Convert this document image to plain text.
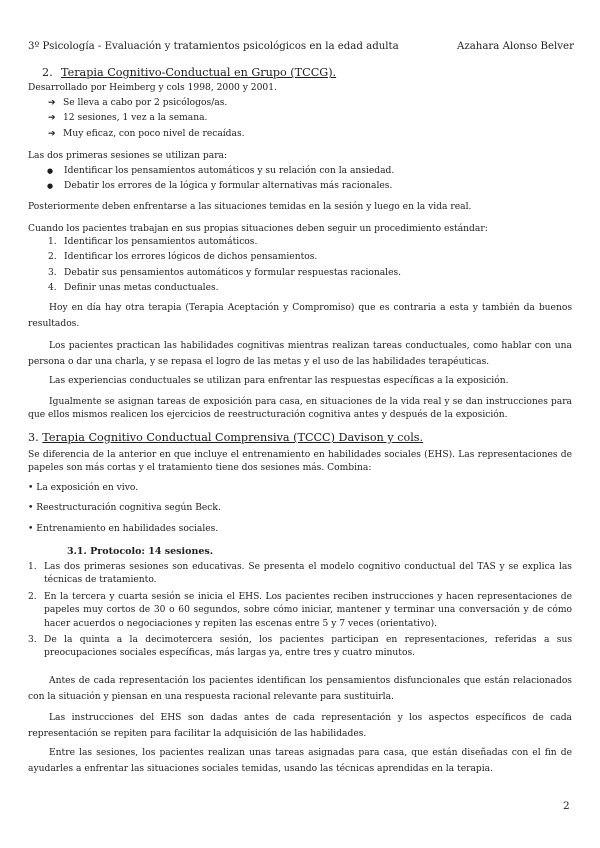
3º Psicología - Evaluación y tratamientos psicológicos en la edad adulta	Azahara Alonso Belver
2. Terapia Cognitivo-Conductual en Grupo (TCCG).
Desarrollado por Heimberg y cols 1998, 2000 y 2001.
➔ Se lleva a cabo por 2 psicólogos/as.
➔ 12 sesiones, 1 vez a la semana.
➔ Muy eficaz, con poco nivel de recaídas.
Las dos primeras sesiones se utilizan para:
● Identificar los pensamientos automáticos y su relación con la ansiedad.
● Debatir los errores de la lógica y formular alternativas más racionales.
Posteriormente deben enfrentarse a las situaciones temidas en la sesión y luego en la vida real.
Cuando los pacientes trabajan en sus propias situaciones deben seguir un procedimiento estándar:
1. Identificar los pensamientos automáticos.
2. Identificar los errores lógicos de dichos pensamientos.
3. Debatir sus pensamientos automáticos y formular respuestas racionales.
4. Definir unas metas conductuales.
Hoy en día hay otra terapia (Terapia Aceptación y Compromiso) que es contraria a esta y también da buenos resultados.
Los pacientes practican las habilidades cognitivas mientras realizan tareas conductuales, como hablar con una persona o dar una charla, y se repasa el logro de las metas y el uso de las habilidades terapéuticas.
Las experiencias conductuales se utilizan para enfrentar las respuestas específicas a la exposición.
Igualmente se asignan tareas de exposición para casa, en situaciones de la vida real y se dan instrucciones para que ellos mismos realicen los ejercicios de reestructuración cognitiva antes y después de la exposición.
3. Terapia Cognitivo Conductual Comprensiva (TCCC) Davison y cols.
Se diferencia de la anterior en que incluye el entrenamiento en habilidades sociales (EHS). Las representaciones de papeles son más cortas y el tratamiento tiene dos sesiones más. Combina:
• La exposición en vivo.
• Reestructuración cognitiva según Beck.
• Entrenamiento en habilidades sociales.
3.1. Protocolo: 14 sesiones.
1. Las dos primeras sesiones son educativas. Se presenta el modelo cognitivo conductual del TAS y se explica las técnicas de tratamiento.
2. En la tercera y cuarta sesión se inicia el EHS. Los pacientes reciben instrucciones y hacen representaciones de papeles muy cortos de 30 o 60 segundos, sobre cómo iniciar, mantener y terminar una conversación y de cómo hacer acuerdos o negociaciones y repiten las escenas entre 5 y 7 veces (orientativo).
3. De la quinta a la decimotercera sesión, los pacientes participan en representaciones, referidas a sus preocupaciones sociales específicas, más largas ya, entre tres y cuatro minutos.
Antes de cada representación los pacientes identifican los pensamientos disfuncionales que están relacionados con la situación y piensan en una respuesta racional relevante para sustituirla.
Las instrucciones del EHS son dadas antes de cada representación y los aspectos específicos de cada representación se repiten para facilitar la adquisición de las habilidades.
Entre las sesiones, los pacientes realizan unas tareas asignadas para casa, que están diseñadas con el fin de ayudarles a enfrentar las situaciones sociales temidas, usando las técnicas aprendidas en la terapia.
2
